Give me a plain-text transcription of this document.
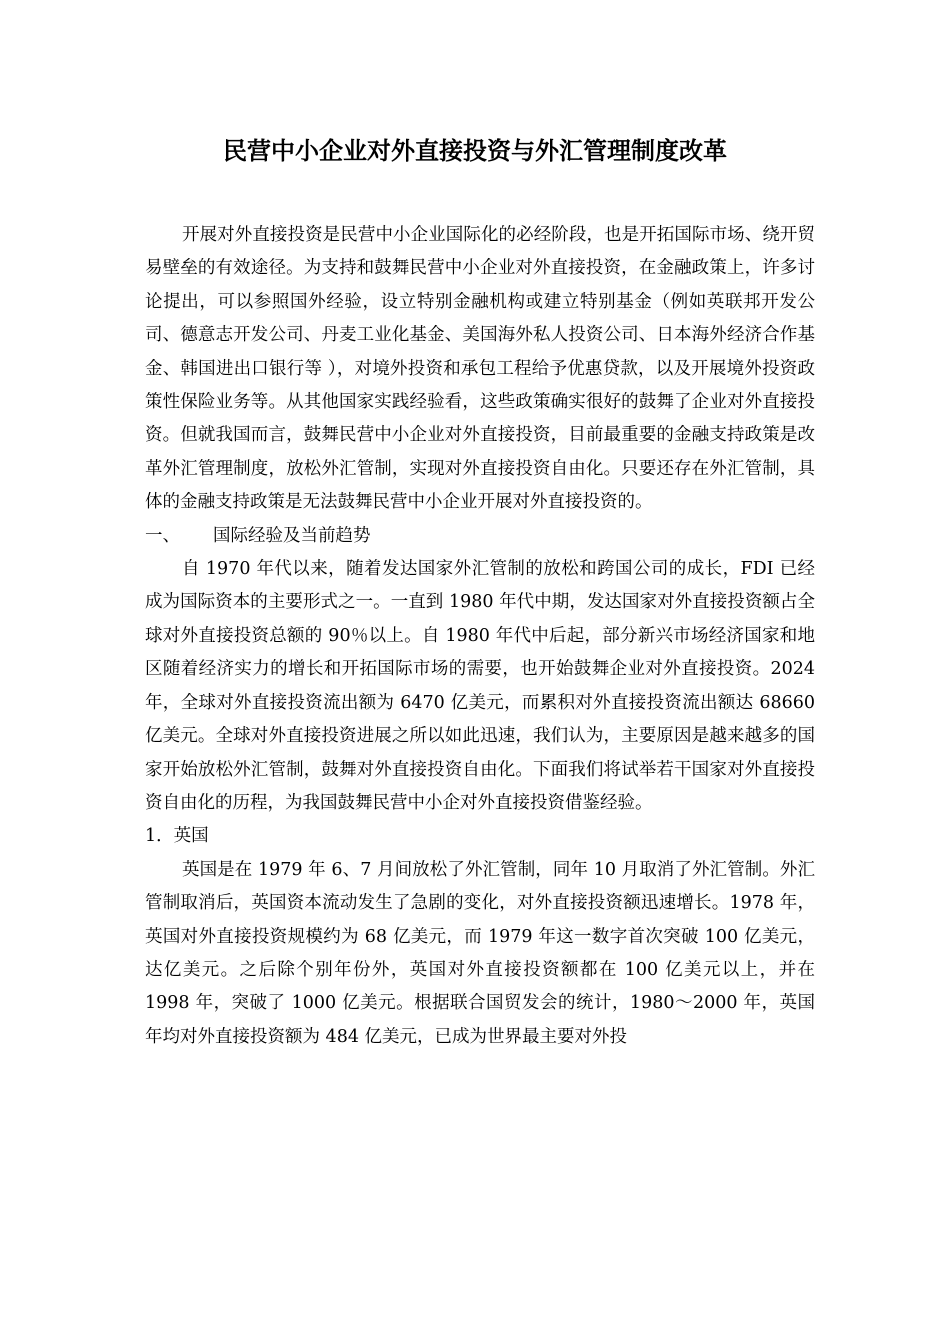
民营中小企业对外直接投资与外汇管理制度改革

开展对外直接投资是民营中小企业国际化的必经阶段，也是开拓国际市场、绕开贸易壁垒的有效途径。为支持和鼓舞民营中小企业对外直接投资，在金融政策上，许多讨论提出，可以参照国外经验，设立特别金融机构或建立特别基金（例如英联邦开发公司、德意志开发公司、丹麦工业化基金、美国海外私人投资公司、日本海外经济合作基金、韩国进出口银行等 ），对境外投资和承包工程给予优惠贷款，以及开展境外投资政策性保险业务等。从其他国家实践经验看，这些政策确实很好的鼓舞了企业对外直接投资。但就我国而言，鼓舞民营中小企业对外直接投资，目前最重要的金融支持政策是改革外汇管理制度，放松外汇管制，实现对外直接投资自由化。只要还存在外汇管制，具体的金融支持政策是无法鼓舞民营中小企业开展对外直接投资的。

一、 国际经验及当前趋势

自 1970 年代以来，随着发达国家外汇管制的放松和跨国公司的成长，FDI 已经成为国际资本的主要形式之一。一直到 1980 年代中期，发达国家对外直接投资额占全球对外直接投资总额的 90％以上。自 1980 年代中后起，部分新兴市场经济国家和地区随着经济实力的增长和开拓国际市场的需要，也开始鼓舞企业对外直接投资。2024 年，全球对外直接投资流出额为 6470 亿美元，而累积对外直接投资流出额达 68660 亿美元。全球对外直接投资进展之所以如此迅速，我们认为，主要原因是越来越多的国家开始放松外汇管制，鼓舞对外直接投资自由化。下面我们将试举若干国家对外直接投资自由化的历程，为我国鼓舞民营中小企对外直接投资借鉴经验。

1．英国

英国是在 1979 年 6、7 月间放松了外汇管制，同年 10 月取消了外汇管制。外汇管制取消后，英国资本流动发生了急剧的变化，对外直接投资额迅速增长。1978 年，英国对外直接投资规模约为 68 亿美元，而 1979 年这一数字首次突破 100 亿美元，达亿美元。之后除个别年份外，英国对外直接投资额都在 100 亿美元以上，并在 1998 年，突破了 1000 亿美元。根据联合国贸发会的统计，1980～2000 年，英国年均对外直接投资额为 484 亿美元，已成为世界最主要对外投
